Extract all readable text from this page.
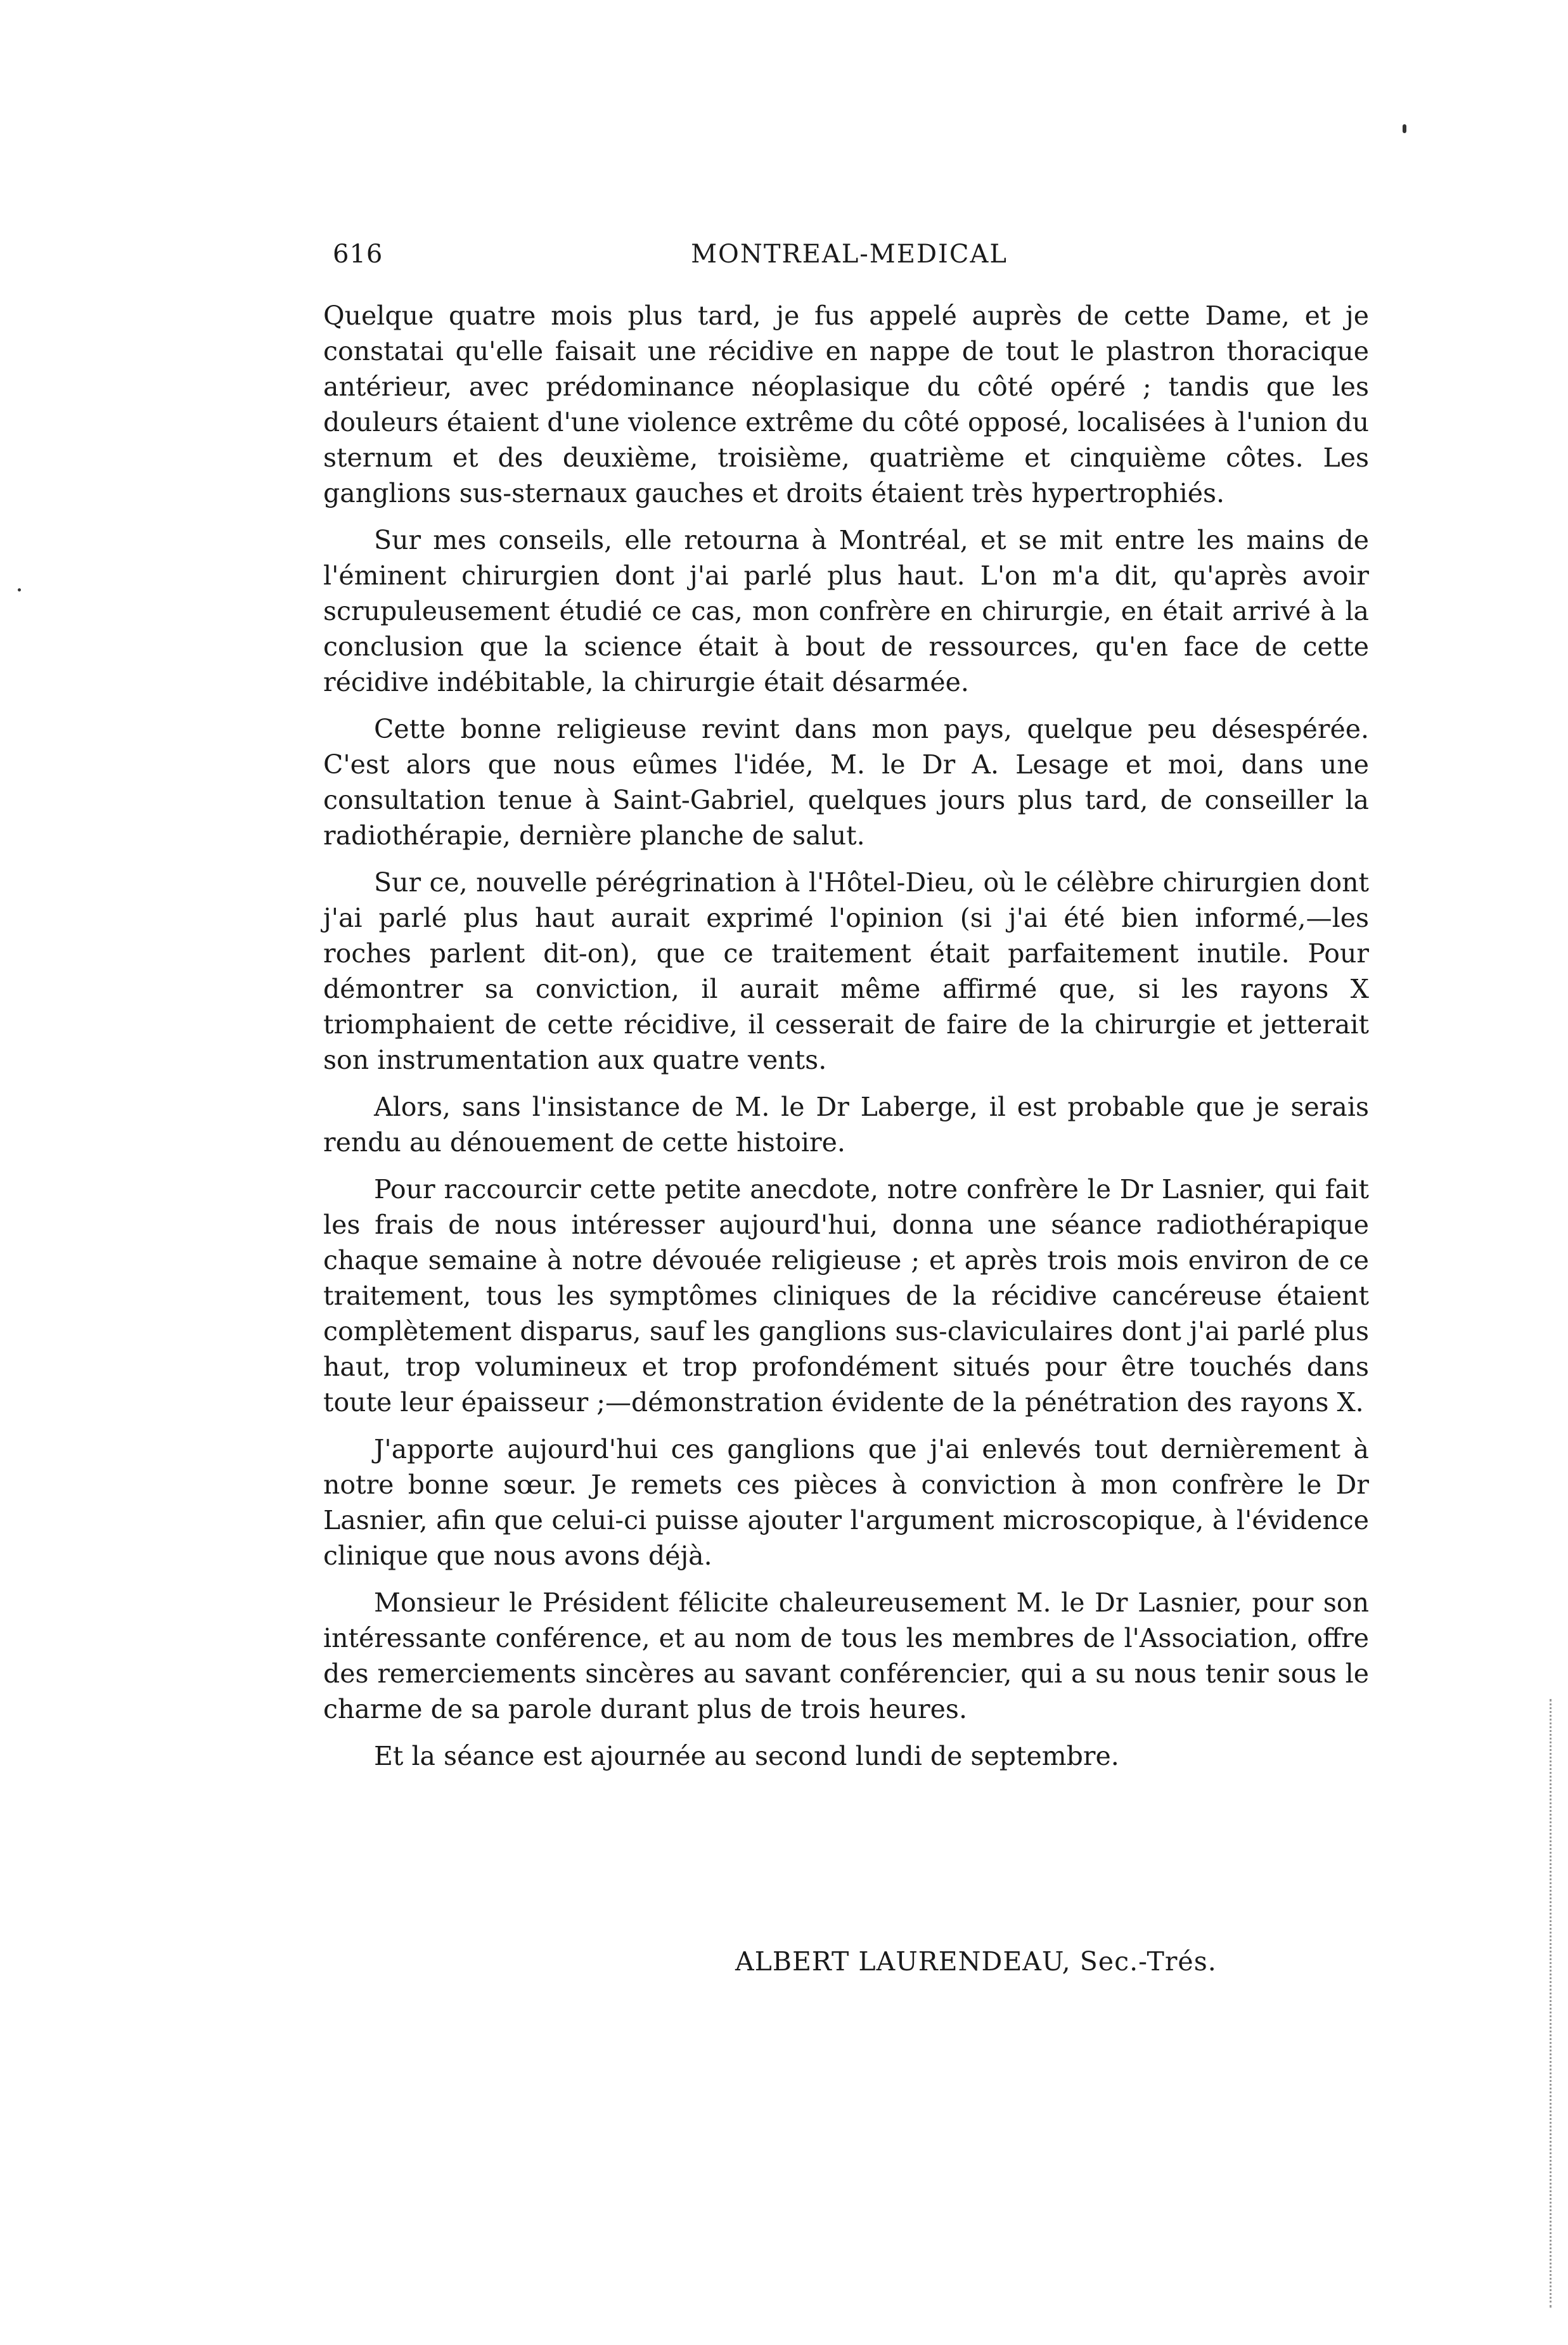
616	MONTREAL-MEDICAL

Quelque quatre mois plus tard, je fus appelé auprès de cette Dame, et je constatai qu'elle faisait une récidive en nappe de tout le plastron thoracique antérieur, avec prédominance néoplasique du côté opéré ; tandis que les douleurs étaient d'une violence extrême du côté opposé, localisées à l'union du sternum et des deuxième, troisième, quatrième et cinquième côtes. Les ganglions sus-sternaux gauches et droits étaient très hypertrophiés.

Sur mes conseils, elle retourna à Montréal, et se mit entre les mains de l'éminent chirurgien dont j'ai parlé plus haut. L'on m'a dit, qu'après avoir scrupuleusement étudié ce cas, mon confrère en chirurgie, en était arrivé à la conclusion que la science était à bout de ressources, qu'en face de cette récidive indébitable, la chirurgie était désarmée.

Cette bonne religieuse revint dans mon pays, quelque peu désespérée. C'est alors que nous eûmes l'idée, M. le Dr A. Lesage et moi, dans une consultation tenue à Saint-Gabriel, quelques jours plus tard, de conseiller la radiothérapie, dernière planche de salut.

Sur ce, nouvelle pérégrination à l'Hôtel-Dieu, où le célèbre chirurgien dont j'ai parlé plus haut aurait exprimé l'opinion (si j'ai été bien informé,—les roches parlent dit-on), que ce traitement était parfaitement inutile. Pour démontrer sa conviction, il aurait même affirmé que, si les rayons X triomphaient de cette récidive, il cesserait de faire de la chirurgie et jetterait son instrumentation aux quatre vents.

Alors, sans l'insistance de M. le Dr Laberge, il est probable que je serais rendu au dénouement de cette histoire.

Pour raccourcir cette petite anecdote, notre confrère le Dr Lasnier, qui fait les frais de nous intéresser aujourd'hui, donna une séance radiothérapique chaque semaine à notre dévouée religieuse ; et après trois mois environ de ce traitement, tous les symptômes cliniques de la récidive cancéreuse étaient complètement disparus, sauf les ganglions sus-claviculaires dont j'ai parlé plus haut, trop volumineux et trop profondément situés pour être touchés dans toute leur épaisseur ;—démonstration évidente de la pénétration des rayons X.

J'apporte aujourd'hui ces ganglions que j'ai enlevés tout dernièrement à notre bonne sœur. Je remets ces pièces à conviction à mon confrère le Dr Lasnier, afin que celui-ci puisse ajouter l'argument microscopique, à l'évidence clinique que nous avons déjà.

Monsieur le Président félicite chaleureusement M. le Dr Lasnier, pour son intéressante conférence, et au nom de tous les membres de l'Association, offre des remerciements sincères au savant conférencier, qui a su nous tenir sous le charme de sa parole durant plus de trois heures.

Et la séance est ajournée au second lundi de septembre.

ALBERT LAURENDEAU, Sec.-Trés.
